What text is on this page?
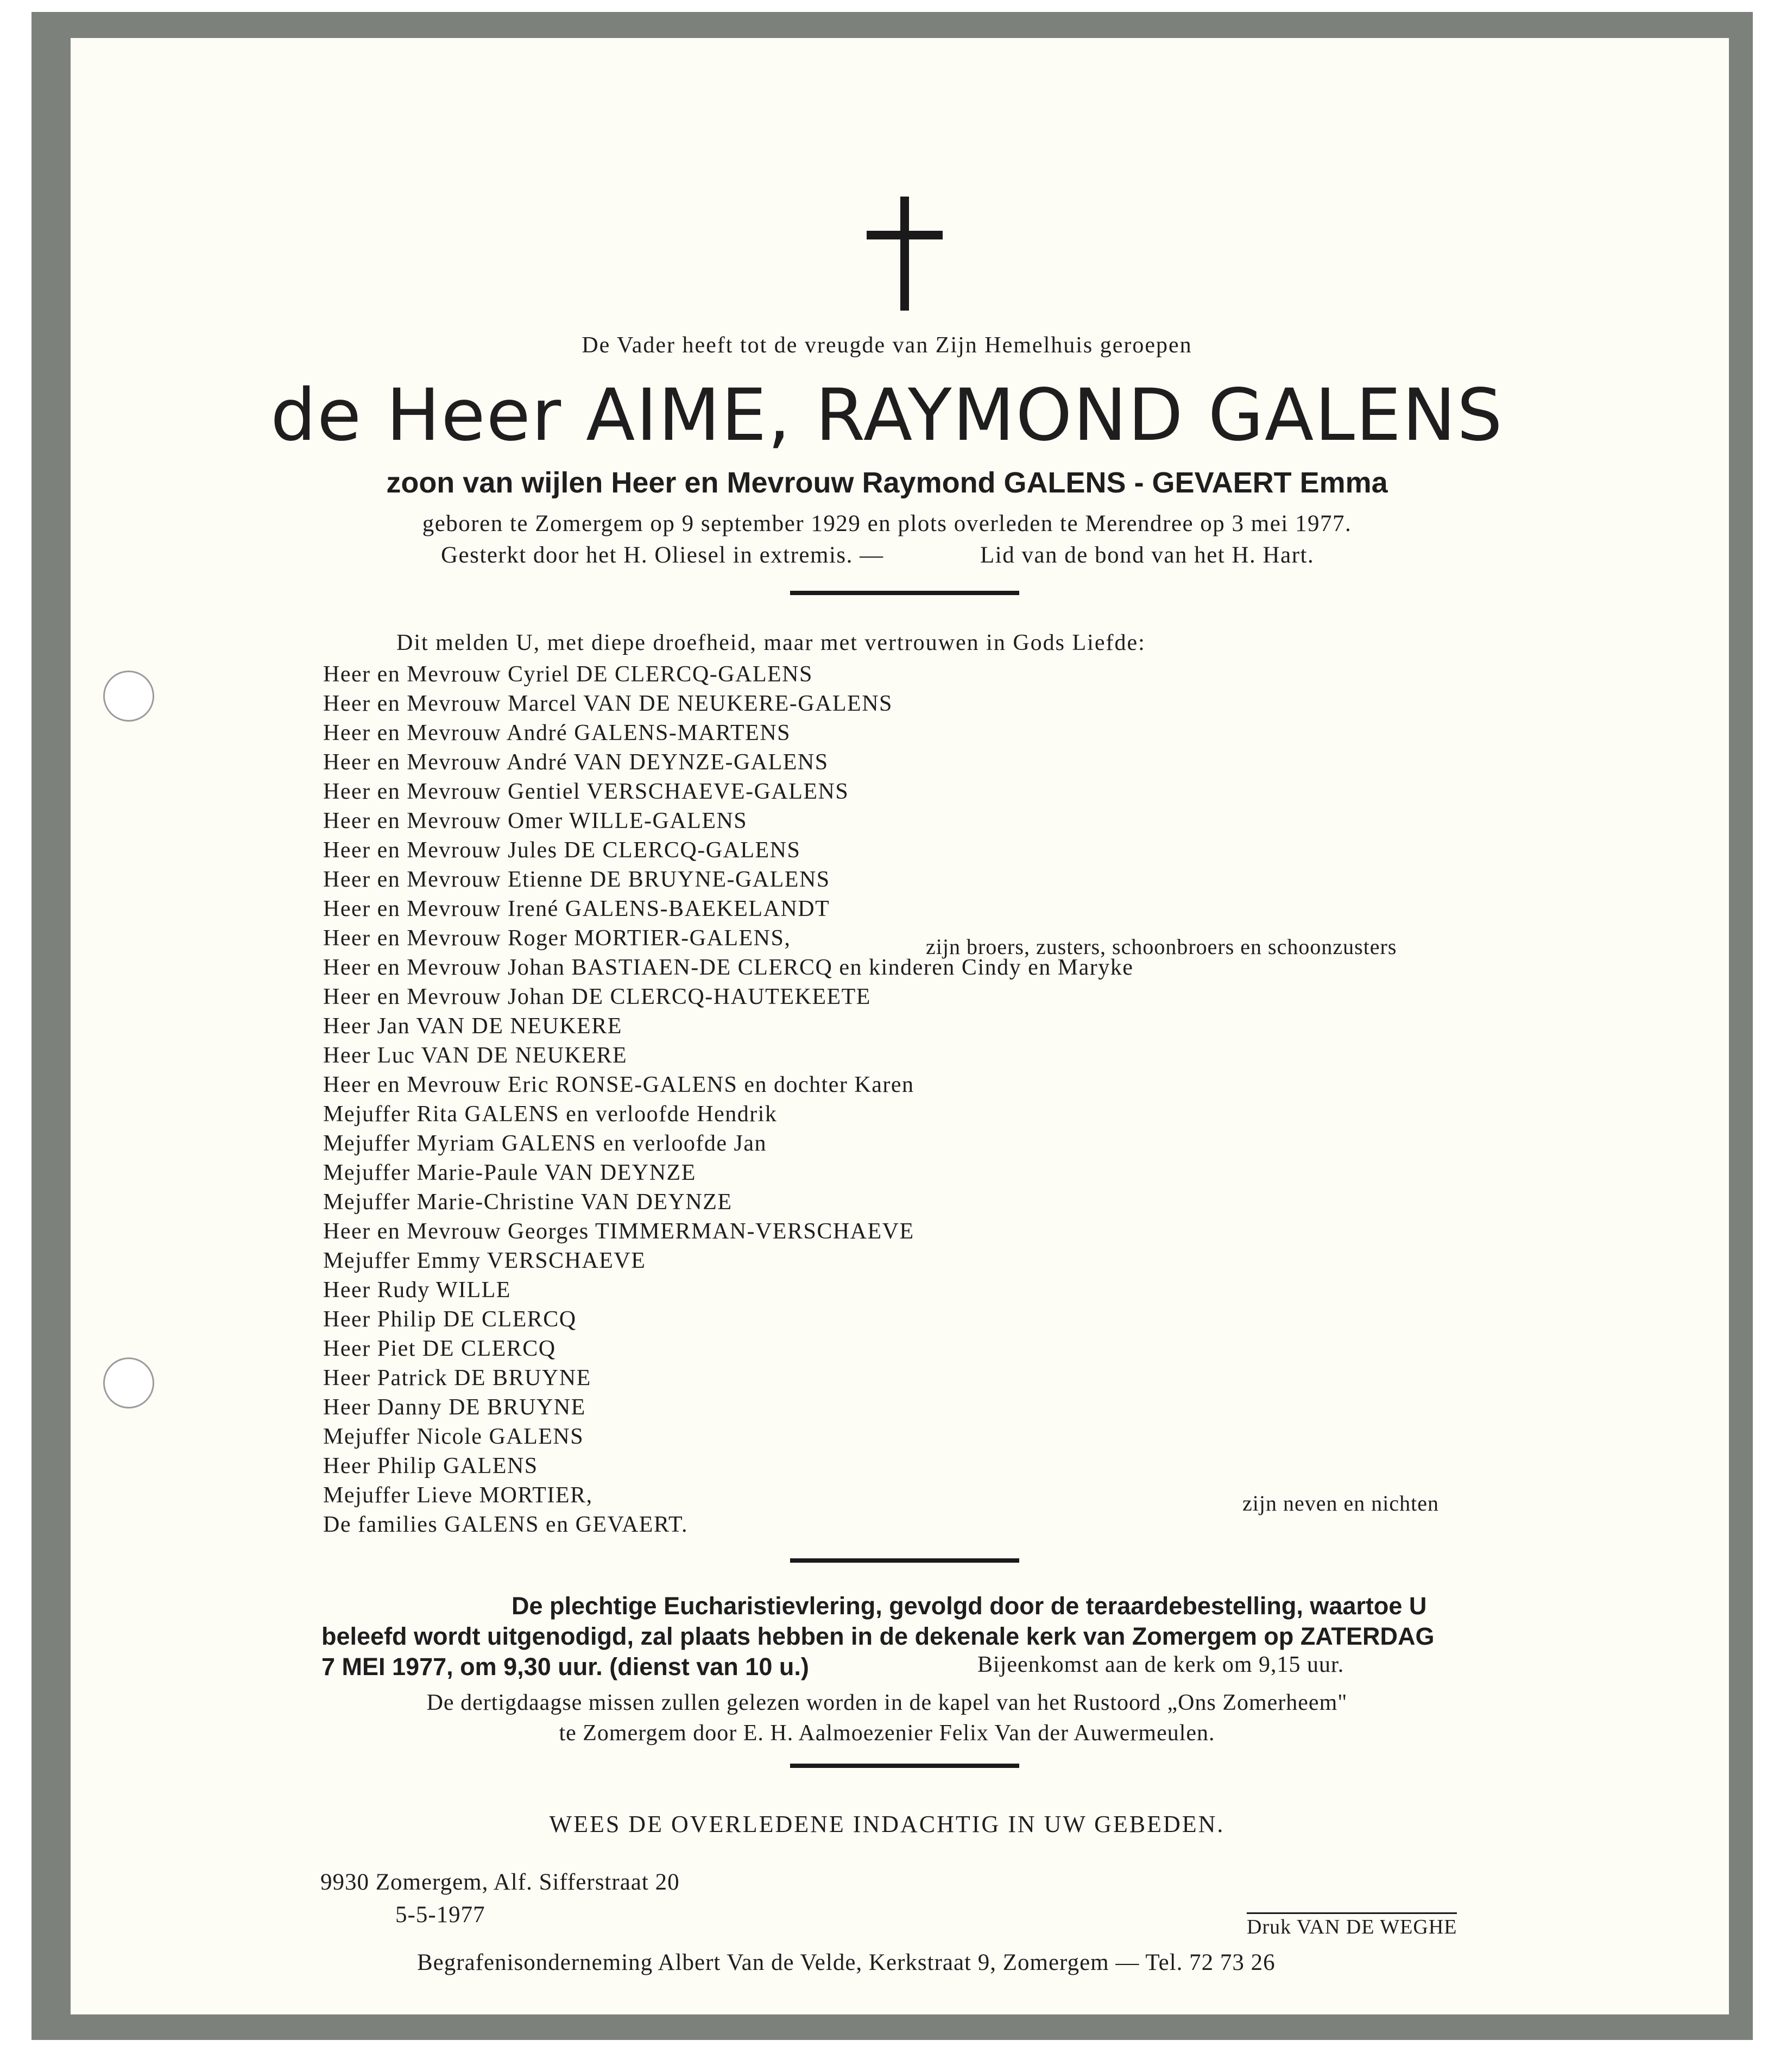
De Vader heeft tot de vreugde van Zijn Hemelhuis geroepen
de Heer AIME, RAYMOND GALENS
zoon van wijlen Heer en Mevrouw Raymond GALENS - GEVAERT Emma
geboren te Zomergem op 9 september 1929 en plots overleden te Merendree op 3 mei 1977.
Gesterkt door het H. Oliesel in extremis. —	Lid van de bond van het H. Hart.
Dit melden U, met diepe droefheid, maar met vertrouwen in Gods Liefde:
Heer en Mevrouw Cyriel DE CLERCQ-GALENS
Heer en Mevrouw Marcel VAN DE NEUKERE-GALENS
Heer en Mevrouw André GALENS-MARTENS
Heer en Mevrouw André VAN DEYNZE-GALENS
Heer en Mevrouw Gentiel VERSCHAEVE-GALENS
Heer en Mevrouw Omer WILLE-GALENS
Heer en Mevrouw Jules DE CLERCQ-GALENS
Heer en Mevrouw Etienne DE BRUYNE-GALENS
Heer en Mevrouw Irené GALENS-BAEKELANDT
Heer en Mevrouw Roger MORTIER-GALENS,
Heer en Mevrouw Johan BASTIAEN-DE CLERCQ en kinderen Cindy en Maryke
Heer en Mevrouw Johan DE CLERCQ-HAUTEKEETE
Heer Jan VAN DE NEUKERE
Heer Luc VAN DE NEUKERE
Heer en Mevrouw Eric RONSE-GALENS en dochter Karen
Mejuffer Rita GALENS en verloofde Hendrik
Mejuffer Myriam GALENS en verloofde Jan
Mejuffer Marie-Paule VAN DEYNZE
Mejuffer Marie-Christine VAN DEYNZE
Heer en Mevrouw Georges TIMMERMAN-VERSCHAEVE
Mejuffer Emmy VERSCHAEVE
Heer Rudy WILLE
Heer Philip DE CLERCQ
Heer Piet DE CLERCQ
Heer Patrick DE BRUYNE
Heer Danny DE BRUYNE
Mejuffer Nicole GALENS
Heer Philip GALENS
Mejuffer Lieve MORTIER,
De families GALENS en GEVAERT.
zijn broers, zusters, schoonbroers en schoonzusters
zijn neven en nichten
De plechtige Eucharistievlering, gevolgd door de teraardebestelling, waartoe U
beleefd wordt uitgenodigd, zal plaats hebben in de dekenale kerk van Zomergem op ZATERDAG
7 MEI 1977, om 9,30 uur. (dienst van 10 u.)	Bijeenkomst aan de kerk om 9,15 uur.
De dertigdaagse missen zullen gelezen worden in de kapel van het Rustoord „Ons Zomerheem"
te Zomergem door E. H. Aalmoezenier Felix Van der Auwermeulen.
WEES DE OVERLEDENE INDACHTIG IN UW GEBEDEN.
9930 Zomergem, Alf. Sifferstraat 20
5-5-1977	Druk VAN DE WEGHE
Begrafenisonderneming Albert Van de Velde, Kerkstraat 9, Zomergem — Tel. 72 73 26
